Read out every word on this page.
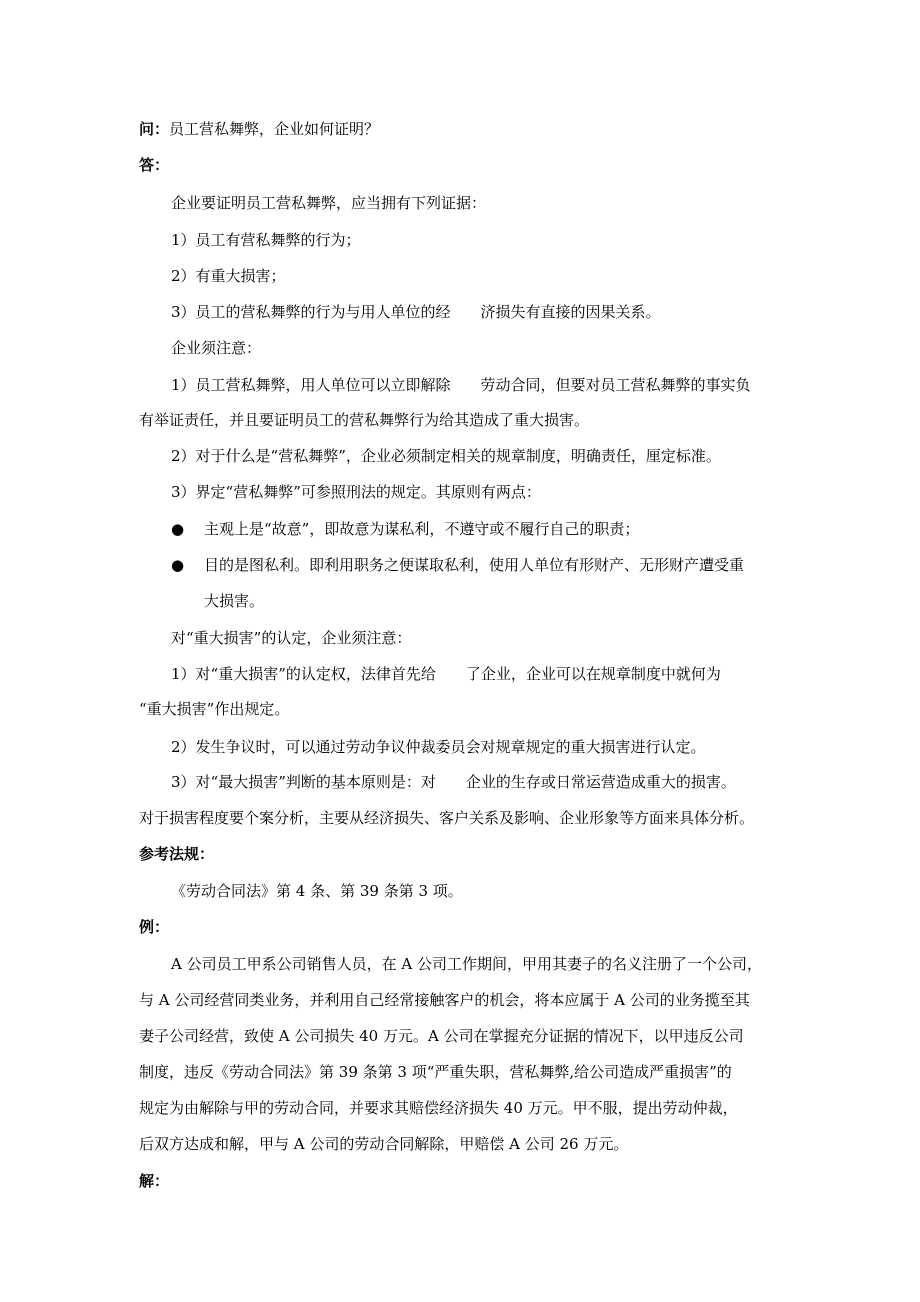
问：员工营私舞弊，企业如何证明？
答：
企业要证明员工营私舞弊，应当拥有下列证据：
1）员工有营私舞弊的行为；
2）有重大损害；
3）员工的营私舞弊的行为与用人单位的经　　济损失有直接的因果关系。
企业须注意：
1）员工营私舞弊，用人单位可以立即解除　　劳动合同，但要对员工营私舞弊的事实负
有举证责任，并且要证明员工的营私舞弊行为给其造成了重大损害。
2）对于什么是“营私舞弊”，企业必须制定相关的规章制度，明确责任，厘定标准。
3）界定“营私舞弊”可参照刑法的规定。其原则有两点：
● 主观上是“故意”，即故意为谋私利，不遵守或不履行自己的职责；
● 目的是图私利。即利用职务之便谋取私利，使用人单位有形财产、无形财产遭受重
大损害。
对“重大损害”的认定，企业须注意：
1）对“重大损害”的认定权，法律首先给　　了企业，企业可以在规章制度中就何为
“重大损害”作出规定。
2）发生争议时，可以通过劳动争议仲裁委员会对规章规定的重大损害进行认定。
3）对“最大损害”判断的基本原则是：对　　企业的生存或日常运营造成重大的损害。
对于损害程度要个案分析，主要从经济损失、客户关系及影响、企业形象等方面来具体分析。
参考法规：
《劳动合同法》第 4 条、第 39 条第 3 项。
例：
A 公司员工甲系公司销售人员，在 A 公司工作期间，甲用其妻子的名义注册了一个公司，
与 A 公司经营同类业务，并利用自己经常接触客户的机会，将本应属于 A 公司的业务揽至其
妻子公司经营，致使 A 公司损失 40 万元。A 公司在掌握充分证据的情况下，以甲违反公司
制度，违反《劳动合同法》第 39 条第 3 项“严重失职，营私舞弊,给公司造成严重损害”的
规定为由解除与甲的劳动合同，并要求其赔偿经济损失 40 万元。甲不服，提出劳动仲裁，
后双方达成和解，甲与 A 公司的劳动合同解除，甲赔偿 A 公司 26 万元。
解：
